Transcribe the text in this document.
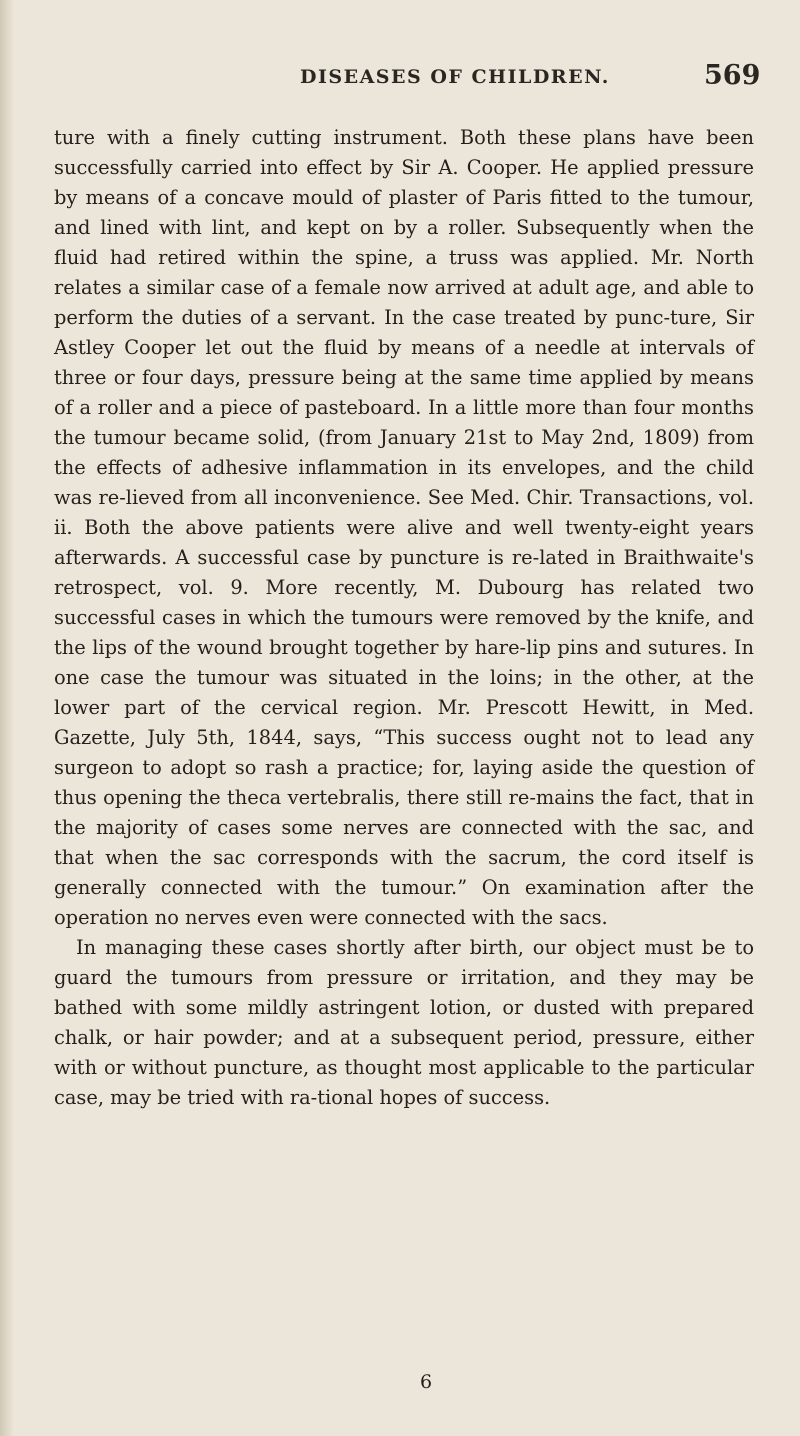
DISEASES OF CHILDREN.	569

ture with a finely cutting instrument. Both these plans have been successfully carried into effect by Sir A. Cooper. He applied pressure by means of a concave mould of plaster of Paris fitted to the tumour, and lined with lint, and kept on by a roller. Subsequently when the fluid had retired within the spine, a truss was applied. Mr. North relates a similar case of a female now arrived at adult age, and able to perform the duties of a servant. In the case treated by punc-ture, Sir Astley Cooper let out the fluid by means of a needle at intervals of three or four days, pressure being at the same time applied by means of a roller and a piece of pasteboard. In a little more than four months the tumour became solid, (from January 21st to May 2nd, 1809) from the effects of adhesive inflammation in its envelopes, and the child was re-lieved from all inconvenience. See Med. Chir. Transactions, vol. ii. Both the above patients were alive and well twenty-eight years afterwards. A successful case by puncture is re-lated in Braithwaite's retrospect, vol. 9. More recently, M. Dubourg has related two successful cases in which the tumours were removed by the knife, and the lips of the wound brought together by hare-lip pins and sutures. In one case the tumour was situated in the loins; in the other, at the lower part of the cervical region. Mr. Prescott Hewitt, in Med. Gazette, July 5th, 1844, says, “This success ought not to lead any surgeon to adopt so rash a practice; for, laying aside the question of thus opening the theca vertebralis, there still re-mains the fact, that in the majority of cases some nerves are connected with the sac, and that when the sac corresponds with the sacrum, the cord itself is generally connected with the tumour.” On examination after the operation no nerves even were connected with the sacs.

In managing these cases shortly after birth, our object must be to guard the tumours from pressure or irritation, and they may be bathed with some mildly astringent lotion, or dusted with prepared chalk, or hair powder; and at a subsequent period, pressure, either with or without puncture, as thought most applicable to the particular case, may be tried with ra-tional hopes of success.

6
